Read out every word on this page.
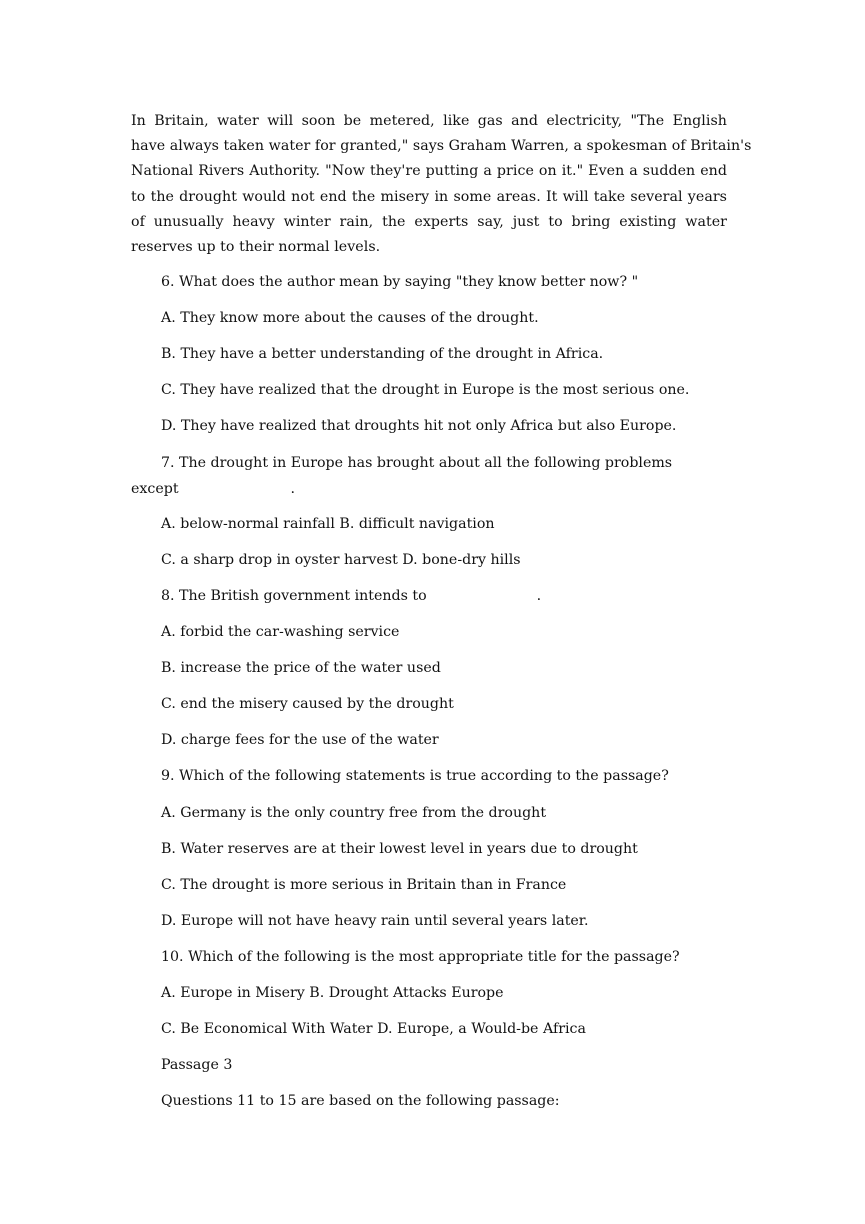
In Britain, water will soon be metered, like gas and electricity, "The English
have always taken water for granted," says Graham Warren, a spokesman of Britain's
National Rivers Authority. "Now they're putting a price on it." Even a sudden end
to the drought would not end the misery in some areas. It will take several years
of unusually heavy winter rain, the experts say, just to bring existing water
reserves up to their normal levels.
6. What does the author mean by saying "they know better now? "
A. They know more about the causes of the drought.
B. They have a better understanding of the drought in Africa.
C. They have realized that the drought in Europe is the most serious one.
D. They have realized that droughts hit not only Africa but also Europe.
7. The drought in Europe has brought about all the following problems
except	.
A. below-normal rainfall B. difficult navigation
C. a sharp drop in oyster harvest D. bone-dry hills
8. The British government intends to	.
A. forbid the car-washing service
B. increase the price of the water used
C. end the misery caused by the drought
D. charge fees for the use of the water
9. Which of the following statements is true according to the passage?
A. Germany is the only country free from the drought
B. Water reserves are at their lowest level in years due to drought
C. The drought is more serious in Britain than in France
D. Europe will not have heavy rain until several years later.
10. Which of the following is the most appropriate title for the passage?
A. Europe in Misery B. Drought Attacks Europe
C. Be Economical With Water D. Europe, a Would-be Africa
Passage 3
Questions 11 to 15 are based on the following passage:
